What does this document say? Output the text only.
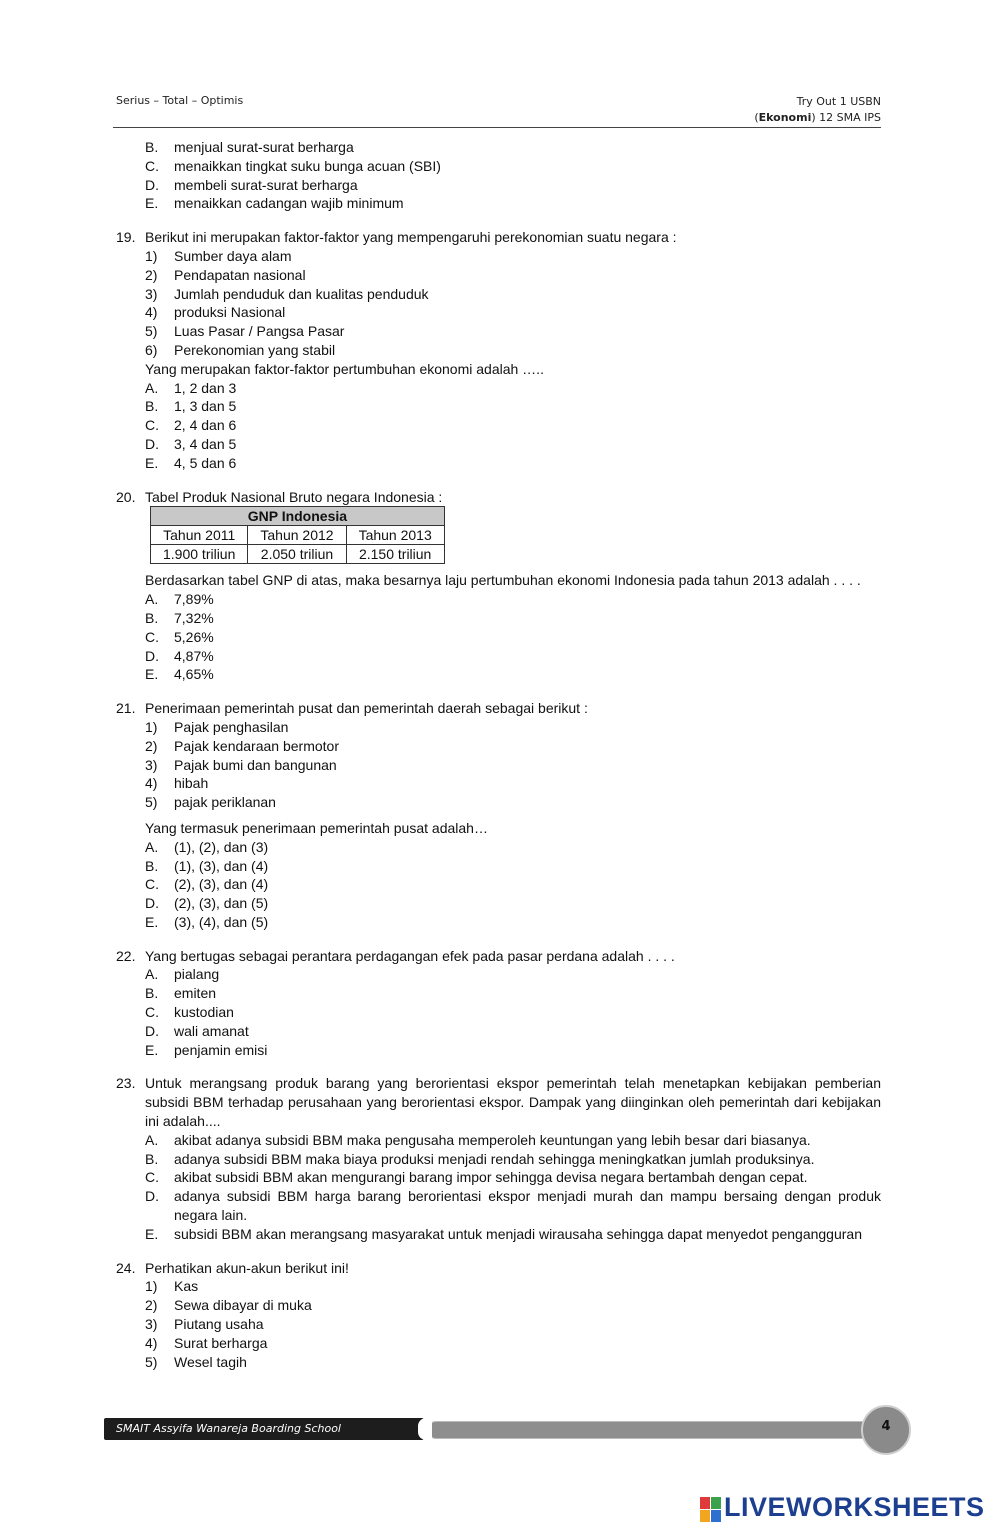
Serius – Total – Optimis	Try Out 1 USBN
(Ekonomi) 12 SMA IPS
B. menjual surat-surat berharga
C. menaikkan tingkat suku bunga acuan (SBI)
D. membeli surat-surat berharga
E. menaikkan cadangan wajib minimum
19. Berikut ini merupakan faktor-faktor yang mempengaruhi perekonomian suatu negara :
1) Sumber daya alam
2) Pendapatan nasional
3) Jumlah penduduk dan kualitas penduduk
4) produksi Nasional
5) Luas Pasar / Pangsa Pasar
6) Perekonomian yang stabil
Yang merupakan faktor-faktor pertumbuhan ekonomi adalah …..
A. 1, 2 dan 3
B. 1, 3 dan 5
C. 2, 4 dan 6
D. 3, 4 dan 5
E. 4, 5 dan 6
20. Tabel Produk Nasional Bruto negara Indonesia :
GNP Indonesia		
Tahun 2011	Tahun 2012	Tahun 2013
1.900 triliun	2.050 triliun	2.150 triliun
Berdasarkan tabel GNP di atas, maka besarnya laju pertumbuhan ekonomi Indonesia pada tahun 2013 adalah . . . .
A. 7,89%
B. 7,32%
C. 5,26%
D. 4,87%
E. 4,65%
21. Penerimaan pemerintah pusat dan pemerintah daerah sebagai berikut :
1) Pajak penghasilan
2) Pajak kendaraan bermotor
3) Pajak bumi dan bangunan
4) hibah
5) pajak periklanan
Yang termasuk penerimaan pemerintah pusat adalah…
A. (1), (2), dan (3)
B. (1), (3), dan (4)
C. (2), (3), dan (4)
D. (2), (3), dan (5)
E. (3), (4), dan (5)
22. Yang bertugas sebagai perantara perdagangan efek pada pasar perdana adalah . . . .
A. pialang
B. emiten
C. kustodian
D. wali amanat
E. penjamin emisi
23. Untuk merangsang produk barang yang berorientasi ekspor pemerintah telah menetapkan kebijakan pemberian subsidi BBM terhadap perusahaan yang berorientasi ekspor. Dampak yang diinginkan oleh pemerintah dari kebijakan ini adalah....
A. akibat adanya subsidi BBM maka pengusaha memperoleh keuntungan yang lebih besar dari biasanya.
B. adanya subsidi BBM maka biaya produksi menjadi rendah sehingga meningkatkan jumlah produksinya.
C. akibat subsidi BBM akan mengurangi barang impor sehingga devisa negara bertambah dengan cepat.
D. adanya subsidi BBM harga barang berorientasi ekspor menjadi murah dan mampu bersaing dengan produk negara lain.
E. subsidi BBM akan merangsang masyarakat untuk menjadi wirausaha sehingga dapat menyedot pengangguran
24. Perhatikan akun-akun berikut ini!
1) Kas
2) Sewa dibayar di muka
3) Piutang usaha
4) Surat berharga
5) Wesel tagih
SMAIT Assyifa Wanareja Boarding School	4
LIVEWORKSHEETS
